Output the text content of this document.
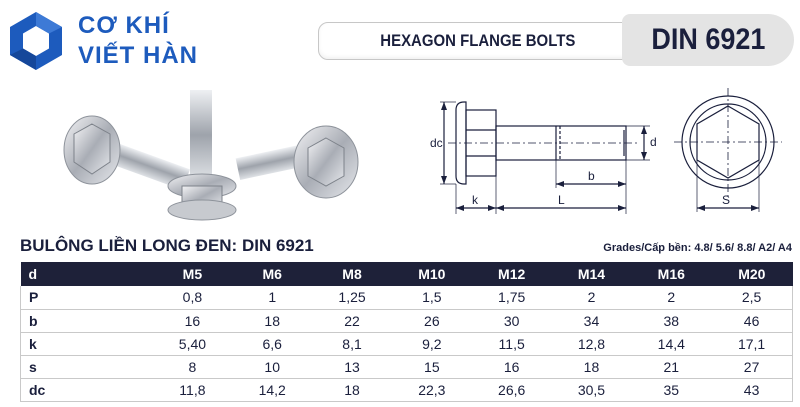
CƠ KHÍ
VIẾT HÀN
HEXAGON FLANGE BOLTS	DIN 6921
dc	d
k	L
b
S
BULÔNG LIỀN LONG ĐEN: DIN 6921	Grades/Cấp bền: 4.8/ 5.6/ 8.8/ A2/ A4
d	M5	M6	M8	M10	M12	M14	M16	M20
P	0,8	1	1,25	1,5	1,75	2	2	2,5
b	16	18	22	26	30	34	38	46
k	5,40	6,6	8,1	9,2	11,5	12,8	14,4	17,1
s	8	10	13	15	16	18	21	27
dc	11,8	14,2	18	22,3	26,6	30,5	35	43
